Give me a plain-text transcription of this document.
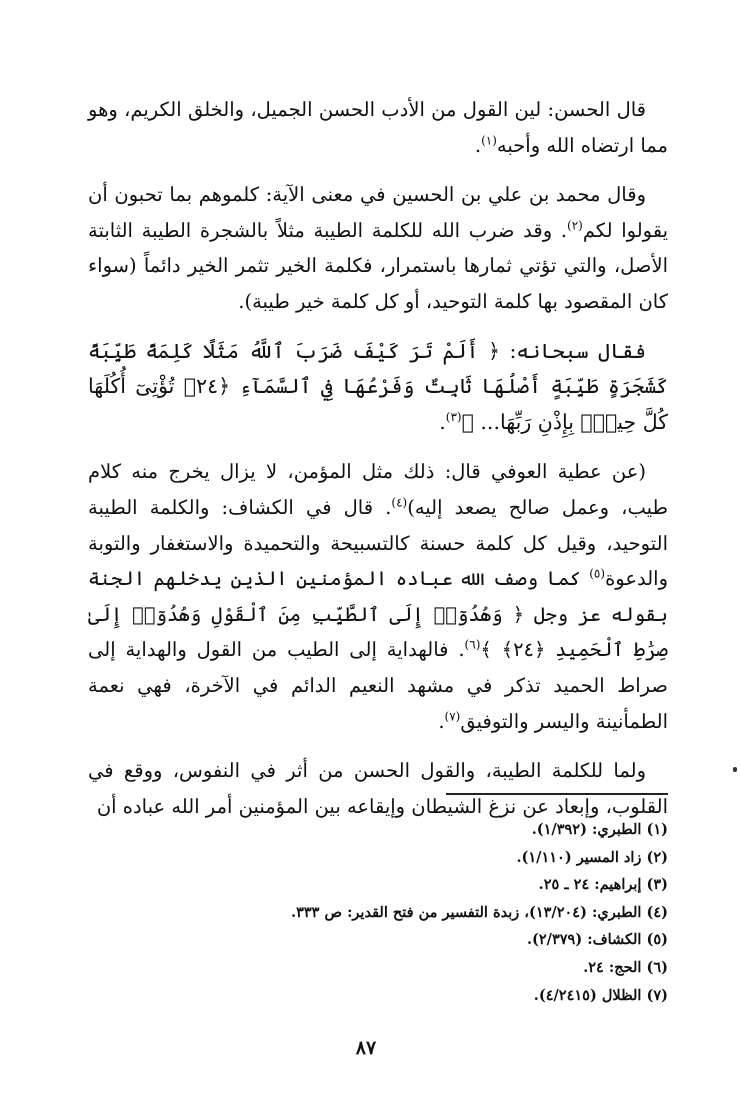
قال الحسن: لين القول من الأدب الحسن الجميل، والخلق الكريم، وهو مما ارتضاه الله وأحبه$^{(١)}$.

وقال محمد بن علي بن الحسين في معنى الآية: كلموهم بما تحبون أن يقولوا لكم$^{(٢)}$. وقد ضرب الله للكلمة الطيبة مثلاً بالشجرة الطيبة الثابتة الأصل، والتي تؤتي ثمارها باستمرار، فكلمة الخير تثمر الخير دائماً (سواء كان المقصود بها كلمة التوحيد، أو كل كلمة خير طيبة).

فقال سبحانه: ﴿ أَلَمْ تَرَ كَيْفَ ضَرَبَ ٱللَّهُ مَثَلًا كَلِمَةً طَيِّبَةً كَشَجَرَةٍ طَيِّبَةٍ أَصْلُهَا ثَابِتٌ وَفَرْعُهَا فِي ٱلسَّمَآءِ ﴿٢٤﴾ تُؤْتِىٓ أُكُلَهَا كُلَّ حِينٍۭ بِإِذْنِ رَبِّهَا... ﴾$^{(٣)}$.

(عن عطية العوفي قال: ذلك مثل المؤمن، لا يزال يخرج منه كلام طيب، وعمل صالح يصعد إليه)$^{(٤)}$. قال في الكشاف: والكلمة الطيبة التوحيد، وقيل كل كلمة حسنة كالتسبيحة والتحميدة والاستغفار والتوبة والدعوة$^{(٥)}$ كما وصف الله عباده المؤمنين الذين يدخلهم الجنة بقوله عز وجل ﴿ وَهُدُوٓا۟ إِلَى ٱلطَّيِّبِ مِنَ ٱلْقَوْلِ وَهُدُوٓا۟ إِلَىٰ صِرَٰطِ ٱلْحَمِيدِ ﴿٢٤﴾ ﴾$^{(٦)}$. فالهداية إلى الطيب من القول والهداية إلى صراط الحميد تذكر في مشهد النعيم الدائم في الآخرة، فهي نعمة الطمأنينة واليسر والتوفيق$^{(٧)}$.

ولما للكلمة الطيبة، والقول الحسن من أثر في النفوس، ووقع في القلوب، وإبعاد عن نزغ الشيطان وإيقاعه بين المؤمنين أمر الله عباده أن

(١) الطبري: (١/٣٩٢).
(٢) زاد المسير (١/١١٠).
(٣) إبراهيم: ٢٤ ـ ٢٥.
(٤) الطبري: (١٣/٢٠٤)، زبدة التفسير من فتح القدير: ص ٣٣٣.
(٥) الكشاف: (٢/٣٧٩).
(٦) الحج: ٢٤.
(٧) الظلال (٤/٢٤١٥).
٨٧
